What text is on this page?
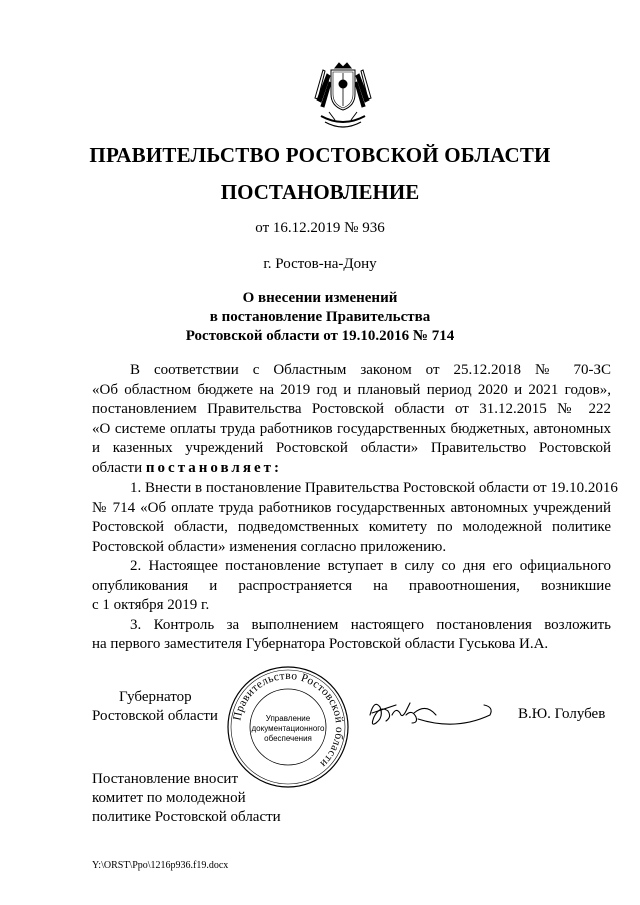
ПРАВИТЕЛЬСТВО РОСТОВСКОЙ ОБЛАСТИ
ПОСТАНОВЛЕНИЕ
от 16.12.2019 № 936
г. Ростов-на-Дону
О внесении изменений
в постановление Правительства
Ростовской области от 19.10.2016 № 714
В соответствии с Областным законом от 25.12.2018 № 70-ЗС
«Об областном бюджете на 2019 год и плановый период 2020 и 2021 годов»,
постановлением Правительства Ростовской области от 31.12.2015 № 222
«О системе оплаты труда работников государственных бюджетных, автономных
и казенных учреждений Ростовской области» Правительство Ростовской
области постановляет:
1. Внести в постановление Правительства Ростовской области от 19.10.2016
№ 714 «Об оплате труда работников государственных автономных учреждений
Ростовской области, подведомственных комитету по молодежной политике
Ростовской области» изменения согласно приложению.
2. Настоящее постановление вступает в силу со дня его официального
опубликования и распространяется на правоотношения, возникшие
с 1 октября 2019 г.
3. Контроль за выполнением настоящего постановления возложить
на первого заместителя Губернатора Ростовской области Гуськова И.А.
Губернатор
Ростовской области Правительство Ростовской области
Управление
документационного
обеспечения
В.Ю. Голубев
Постановление вносит
комитет по молодежной
политике Ростовской области
Y:\ORST\Ppo\1216p936.f19.docx
